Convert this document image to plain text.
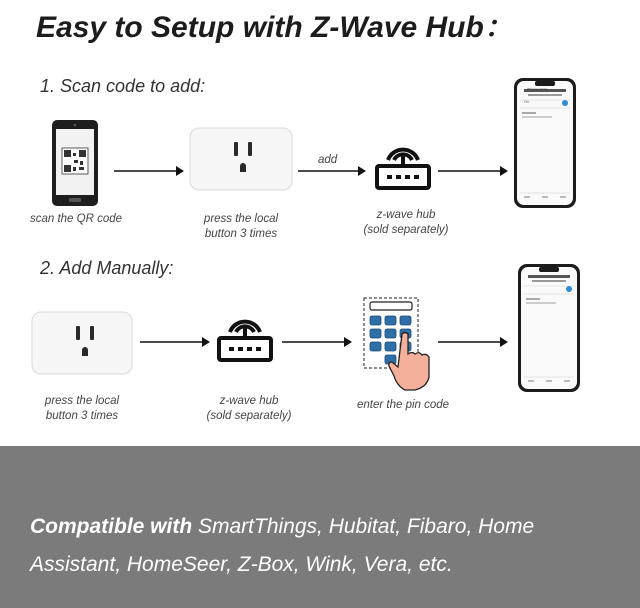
Easy to Setup with Z-Wave Hub：
1. Scan code to add:
scan the QR code	press the local
button 3 times
add
z-wave hub
(sold separately)
On
Wireless Outlet
2. Add Manually:
press the local
button 3 times
z-wave hub
(sold separately)
enter the pin code
Compatible with SmartThings, Hubitat, Fibaro, Home Assistant, HomeSeer, Z-Box, Wink, Vera, etc.
